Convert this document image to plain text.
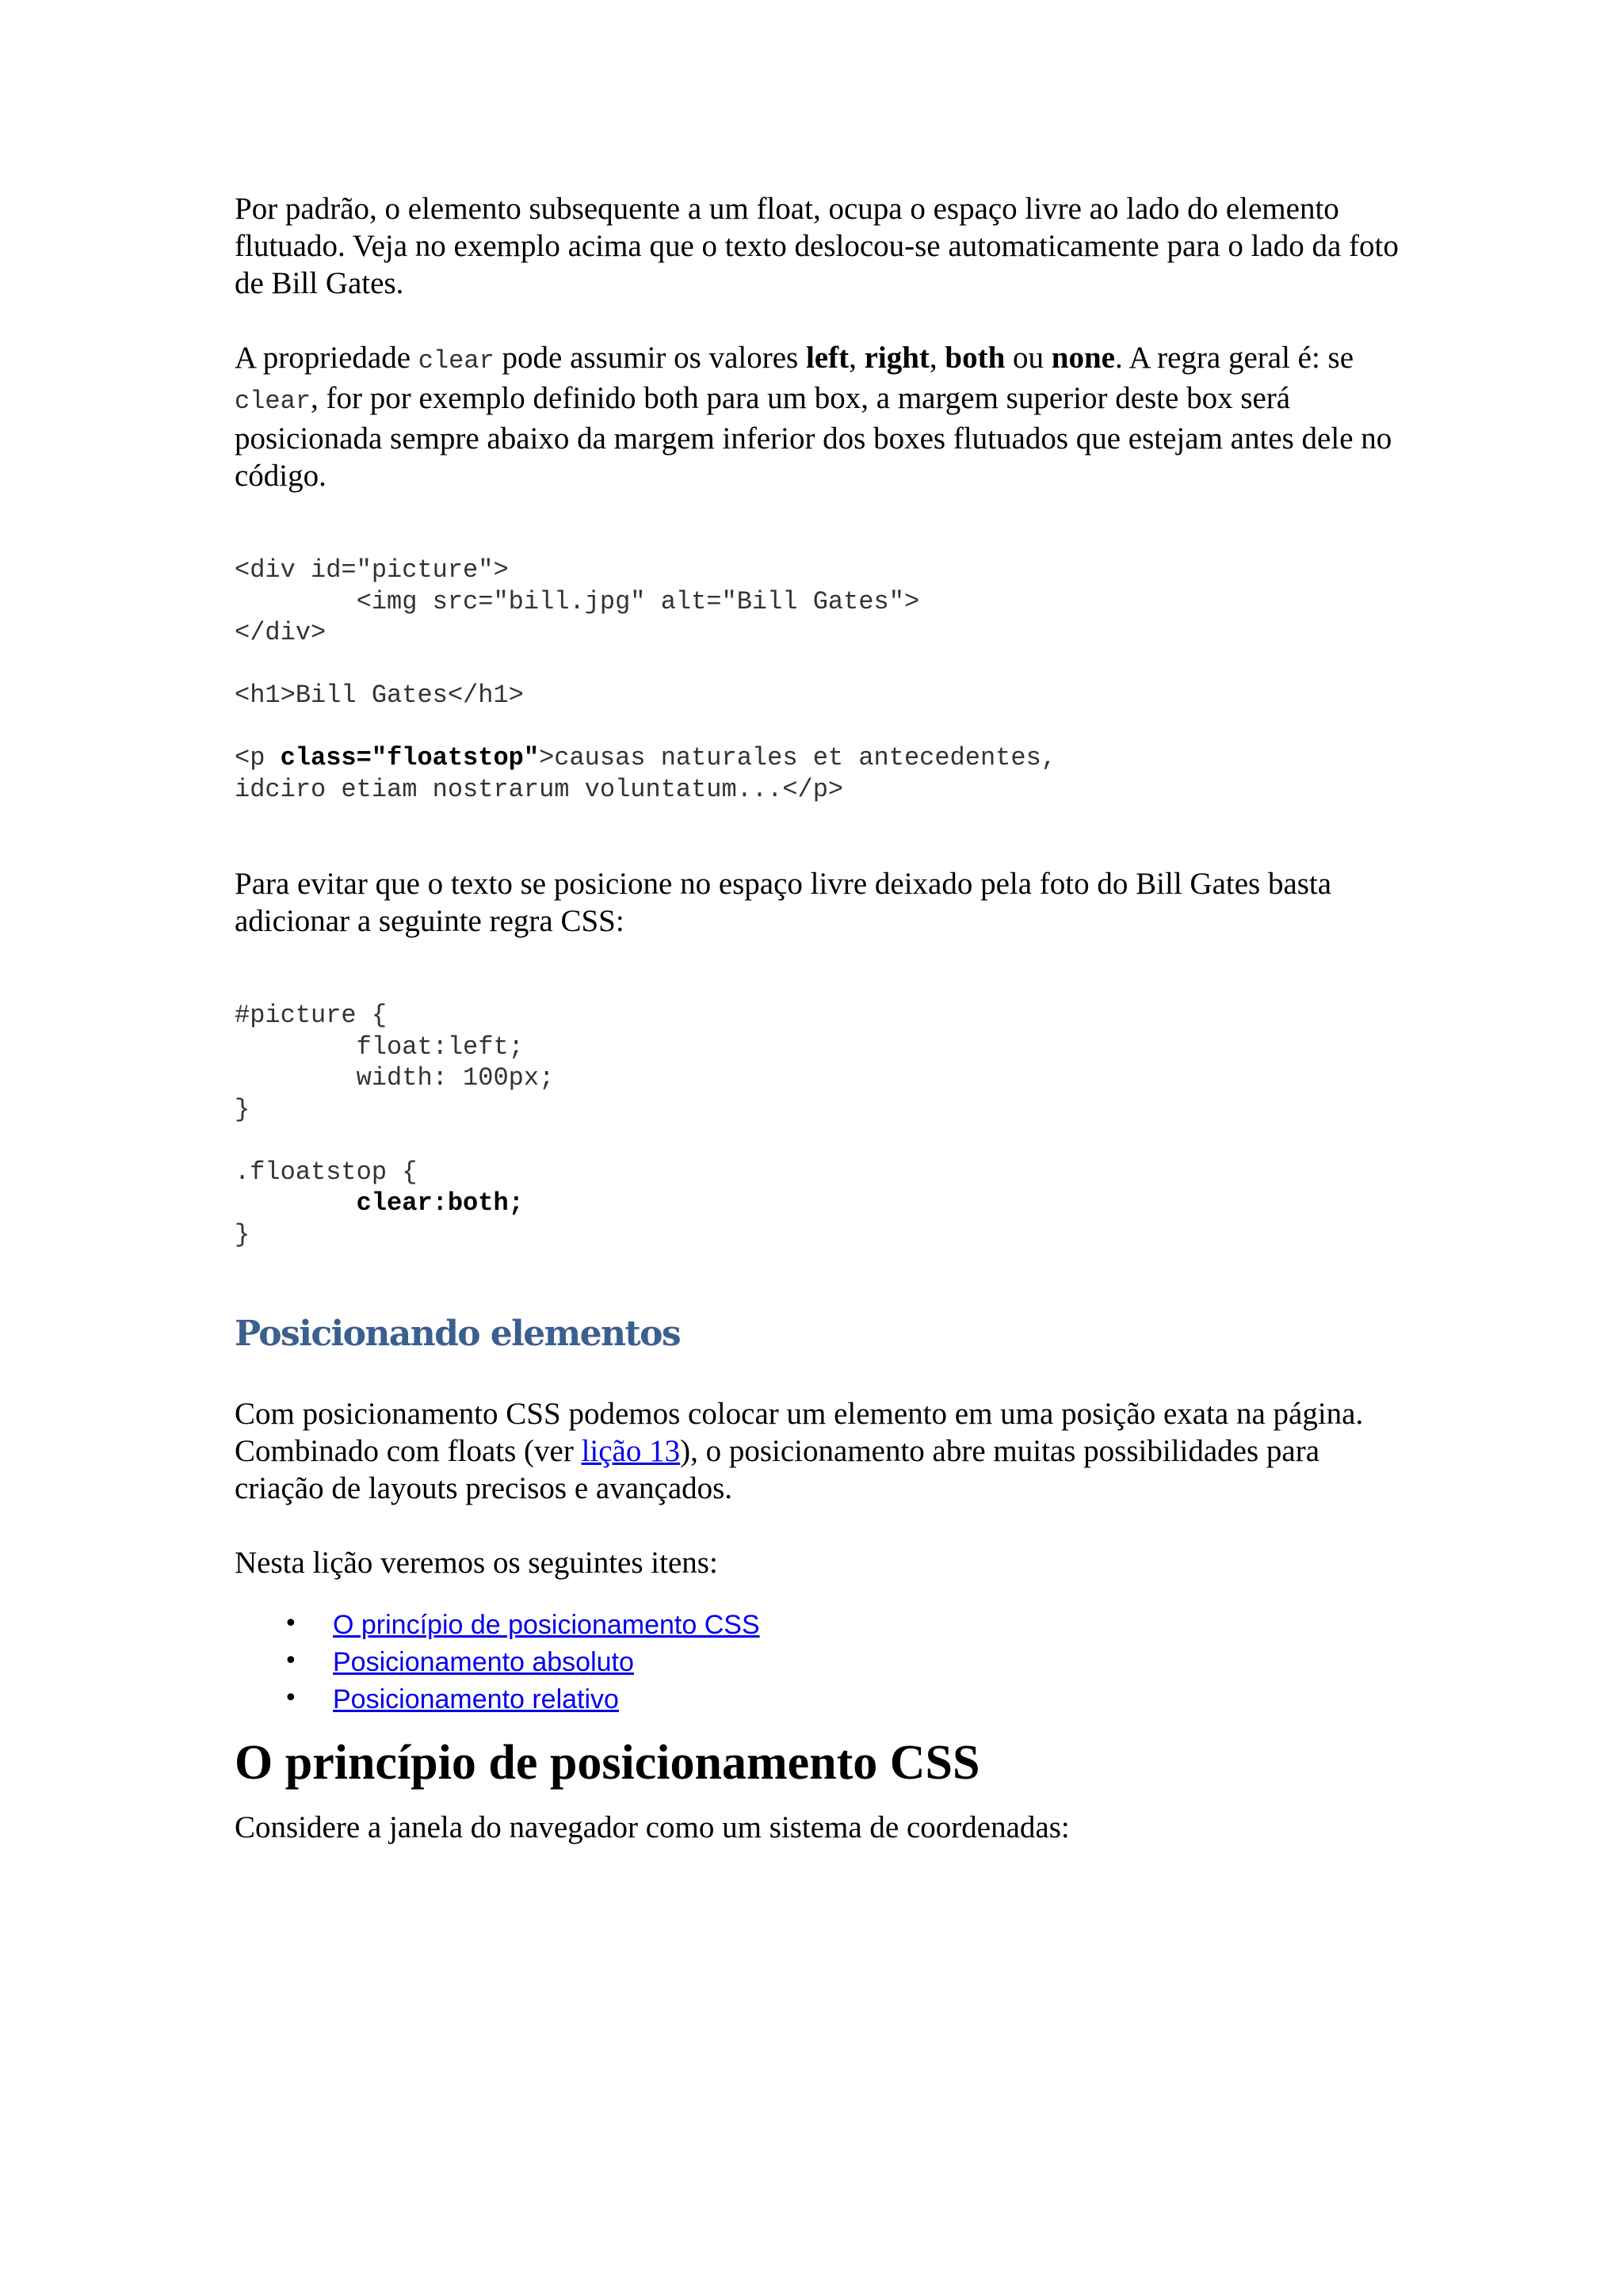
Por padrão, o elemento subsequente a um float, ocupa o espaço livre ao lado do elemento flutuado. Veja no exemplo acima que o texto deslocou-se automaticamente para o lado da foto de Bill Gates.

A propriedade clear pode assumir os valores left, right, both ou none. A regra geral é: se clear, for por exemplo definido both para um box, a margem superior deste box será posicionada sempre abaixo da margem inferior dos boxes flutuados que estejam antes dele no código.

<div id="picture">
<img src="bill.jpg" alt="Bill Gates">
</div>

<h1>Bill Gates</h1>

<p class="floatstop">causas naturales et antecedentes,
idciro etiam nostrarum voluntatum...</p>

Para evitar que o texto se posicione no espaço livre deixado pela foto do Bill Gates basta adicionar a seguinte regra CSS:

#picture {
float:left;
width: 100px;
}

.floatstop {
clear:both;
}
Posicionando elementos

Com posicionamento CSS podemos colocar um elemento em uma posição exata na página. Combinado com floats (ver lição 13), o posicionamento abre muitas possibilidades para criação de layouts precisos e avançados.

Nesta lição veremos os seguintes itens:

• O princípio de posicionamento CSS
• Posicionamento absoluto
• Posicionamento relativo
O princípio de posicionamento CSS

Considere a janela do navegador como um sistema de coordenadas:
